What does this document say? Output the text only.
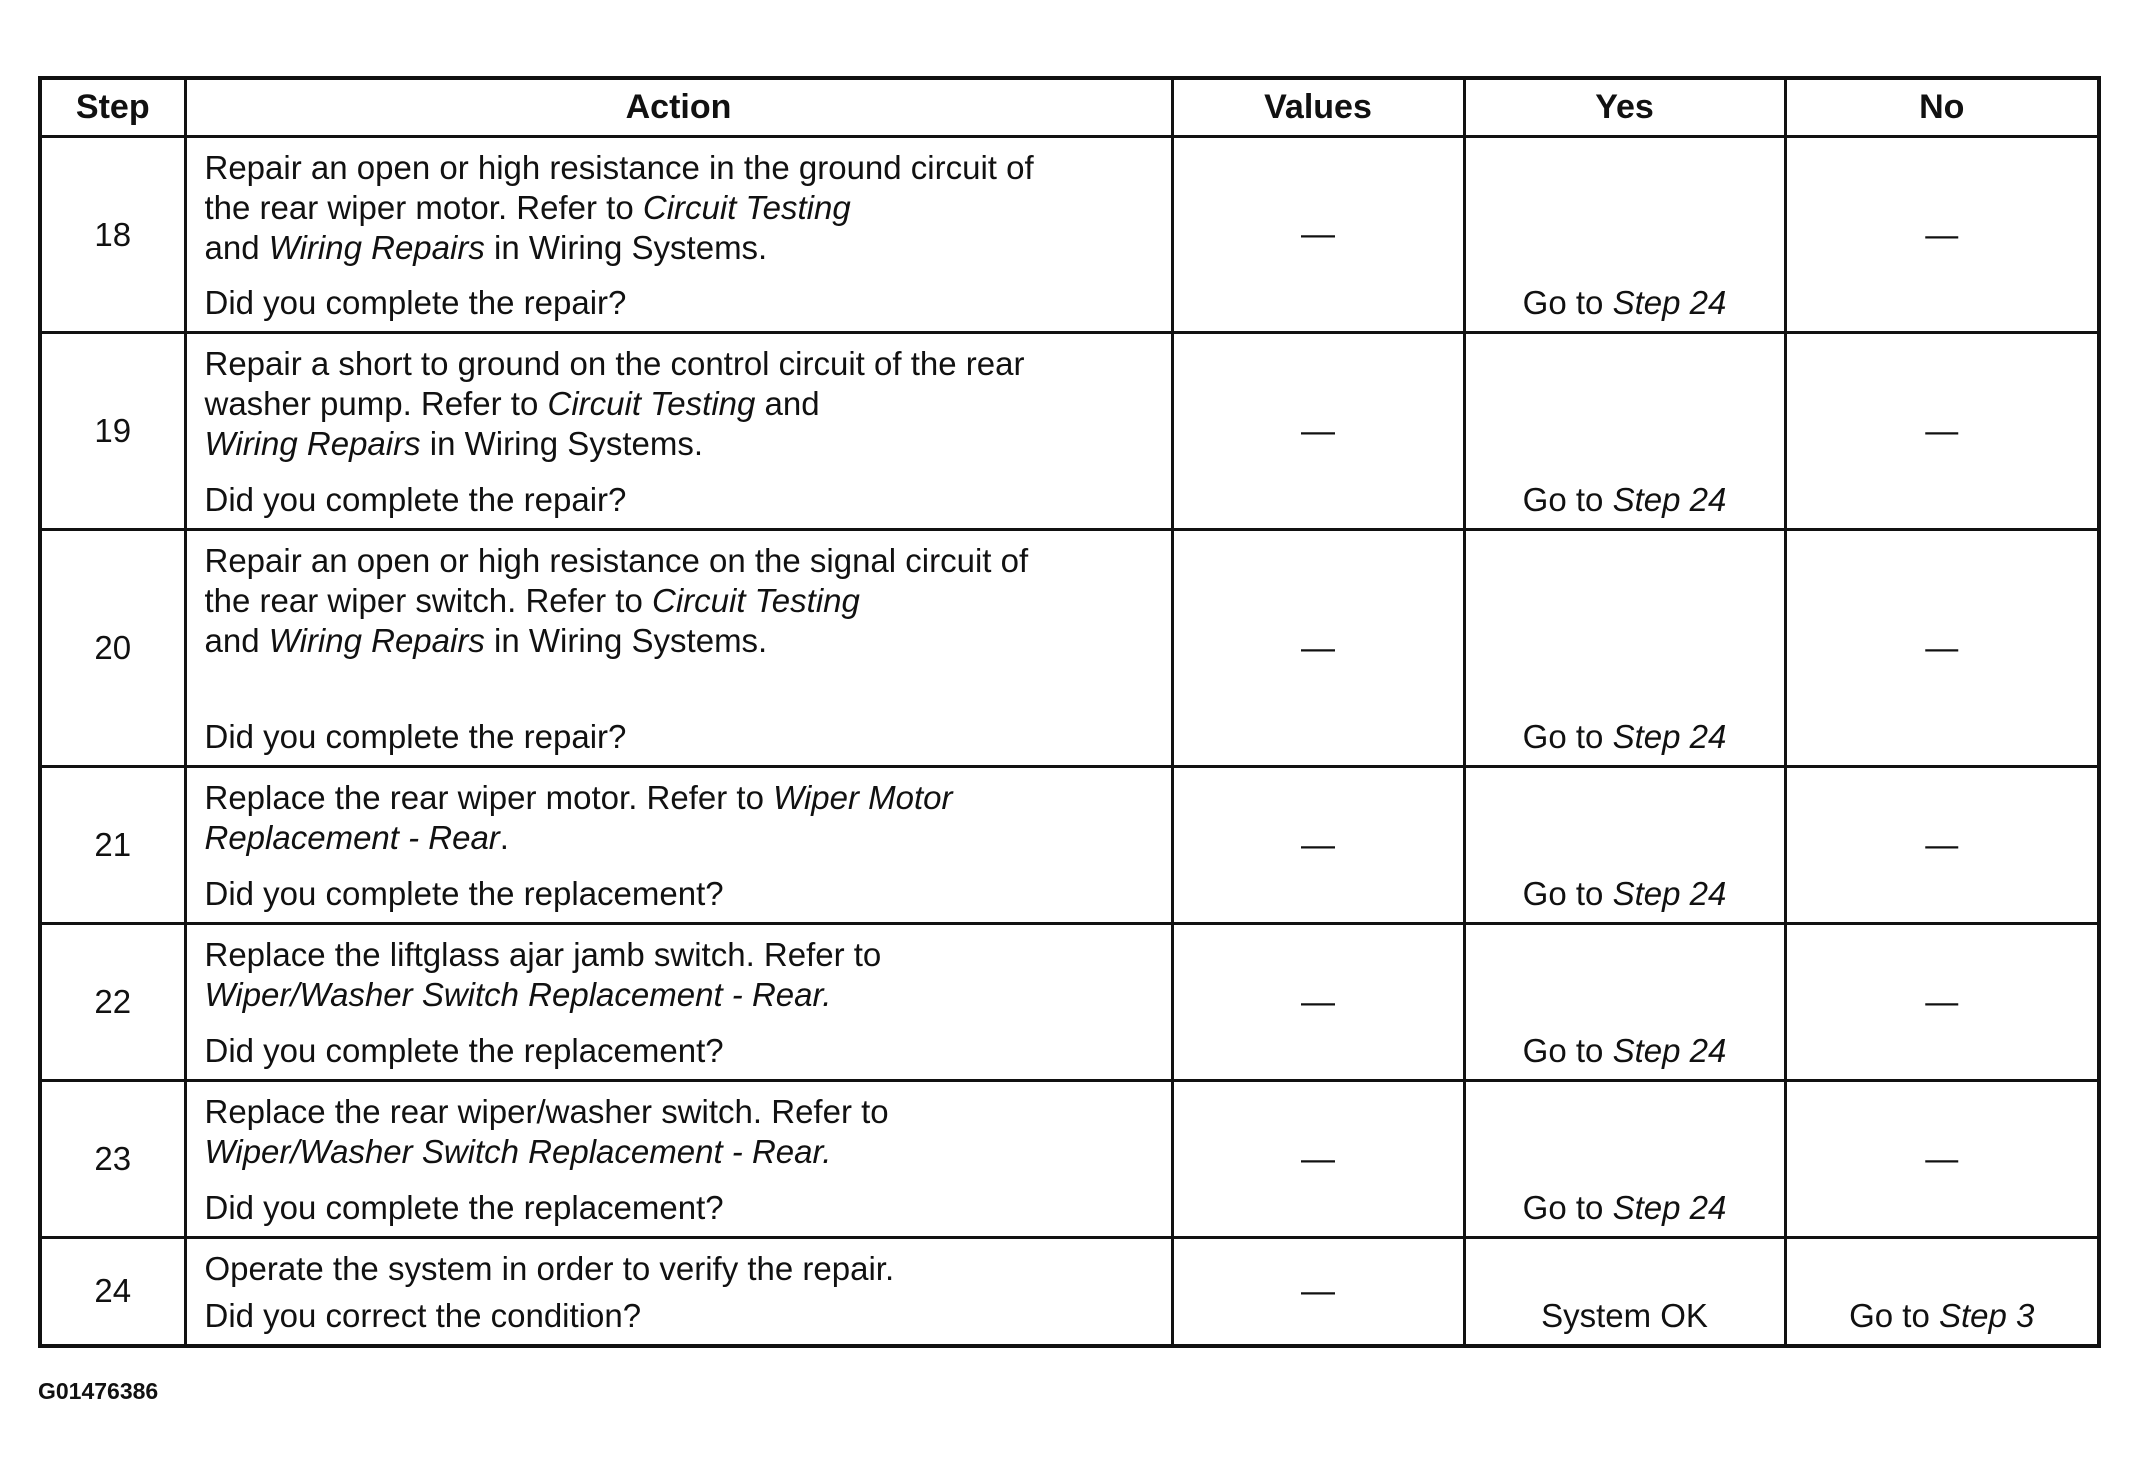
Step	Action	Values	Yes	No
18	Repair an open or high resistance in the ground circuit of
the rear wiper motor. Refer to Circuit Testing
and Wiring Repairs in Wiring Systems.
Did you complete the repair?	—	Go to Step 24	—
19	Repair a short to ground on the control circuit of the rear
washer pump. Refer to Circuit Testing and
Wiring Repairs in Wiring Systems.
Did you complete the repair?	—	Go to Step 24	—
20	Repair an open or high resistance on the signal circuit of
the rear wiper switch. Refer to Circuit Testing
and Wiring Repairs in Wiring Systems.
Did you complete the repair?	—	Go to Step 24	—
21	Replace the rear wiper motor. Refer to Wiper Motor
Replacement - Rear.
Did you complete the replacement?	—	Go to Step 24	—
22	Replace the liftglass ajar jamb switch. Refer to
Wiper/Washer Switch Replacement - Rear.
Did you complete the replacement?	—	Go to Step 24	—
23	Replace the rear wiper/washer switch. Refer to
Wiper/Washer Switch Replacement - Rear.
Did you complete the replacement?	—	Go to Step 24	—
24	Operate the system in order to verify the repair.
Did you correct the condition?	—	System OK	Go to Step 3
G01476386
